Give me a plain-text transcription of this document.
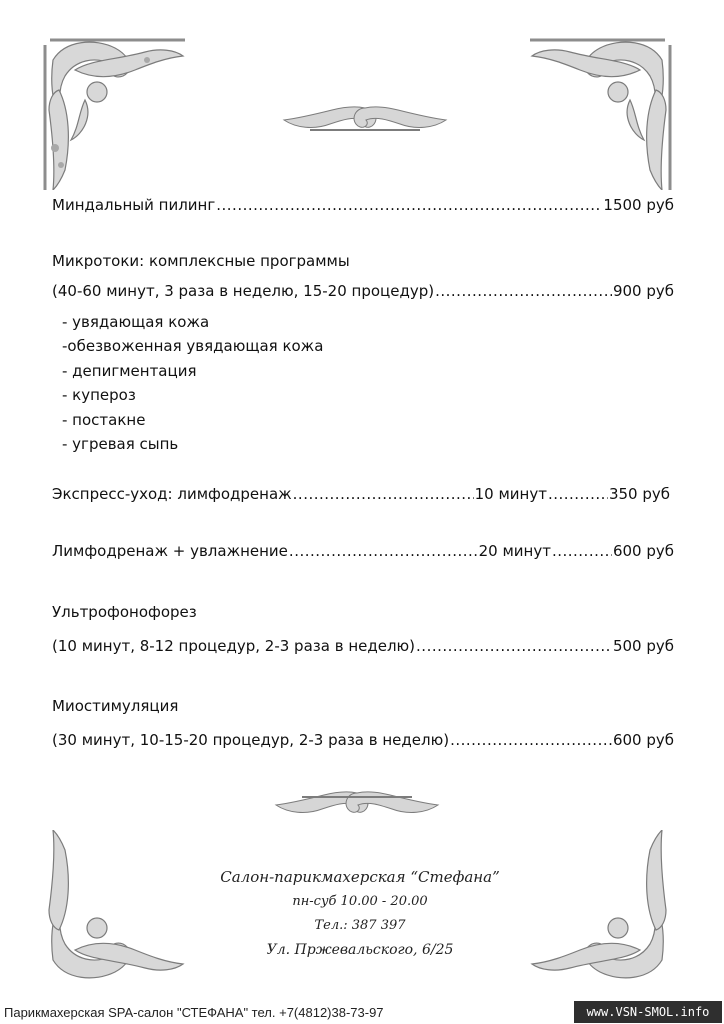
Миндальный пилинг .....	1500 руб
Микротоки: комплексные программы
(40-60 минут, 3 раза в неделю, 15-20 процедур) .....	900 руб
- увядающая кожа
-обезвоженная увядающая кожа
- депигментация
- купероз
- постакне
- угревая сыпь
Экспресс-уход: лимфодренаж .....	10 минут .....	350 руб
Лимфодренаж + увлажнение .....	20 минут .....	600 руб
Ультрофонофорез
(10 минут, 8-12 процедур, 2-3 раза в неделю) .....	500 руб
Миостимуляция
(30 минут, 10-15-20 процедур, 2-3 раза в неделю) .....	600 руб
Салон-парикмахерская “Стефана”
пн-суб 10.00 - 20.00
Тел.: 387 397
Ул. Пржевальского, 6/25
Парикмахерская SPA-салон "СТЕФАНА" тел. +7(4812)38-73-97	www.VSN-SMOL.info
